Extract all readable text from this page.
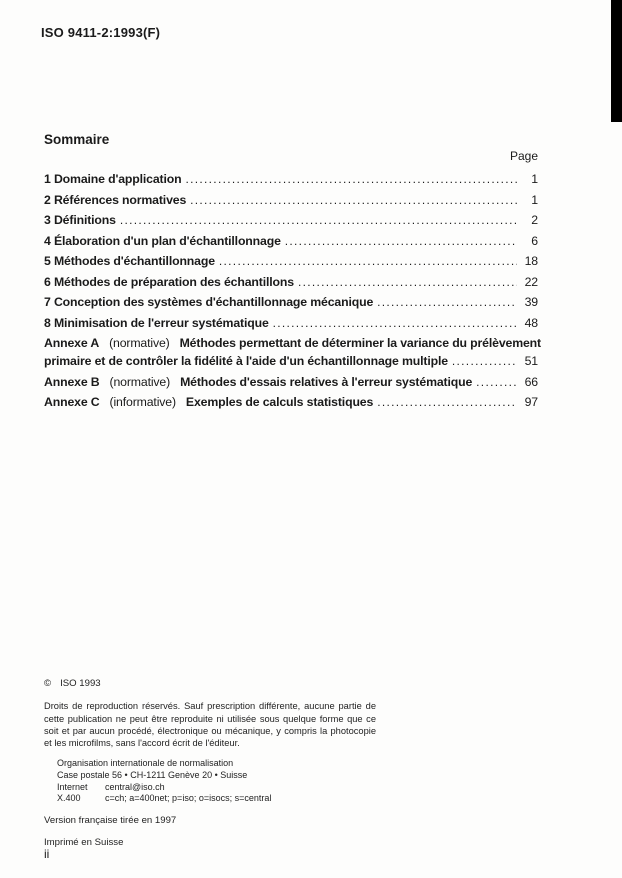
ISO 9411-2:1993(F)
Sommaire
Page
1 Domaine d'application .....	1
2 Références normatives .....	1
3 Définitions .....	2
4 Élaboration d'un plan d'échantillonnage .....	6
5 Méthodes d'échantillonnage .....	18
6 Méthodes de préparation des échantillons .....	22
7 Conception des systèmes d'échantillonnage mécanique .....	39
8 Minimisation de l'erreur systématique .....	48
Annexe A (normative) Méthodes permettant de déterminer la variance du prélèvement
primaire et de contrôler la fidélité à l'aide d'un échantillonnage multiple .....	51
Annexe B (normative) Méthodes d'essais relatives à l'erreur systématique .....	66
Annexe C (informative) Exemples de calculs statistiques .....	97
© ISO 1993
Droits de reproduction réservés. Sauf prescription différente, aucune partie de cette publication ne peut être reproduite ni utilisée sous quelque forme que ce soit et par aucun procédé, électronique ou mécanique, y compris la photocopie et les microfilms, sans l'accord écrit de l'éditeur.
Organisation internationale de normalisation
Case postale 56 • CH-1211 Genève 20 • Suisse
Internet	central@iso.ch
X.400	c=ch; a=400net; p=iso; o=isocs; s=central
Version française tirée en 1997
Imprimé en Suisse
ii
